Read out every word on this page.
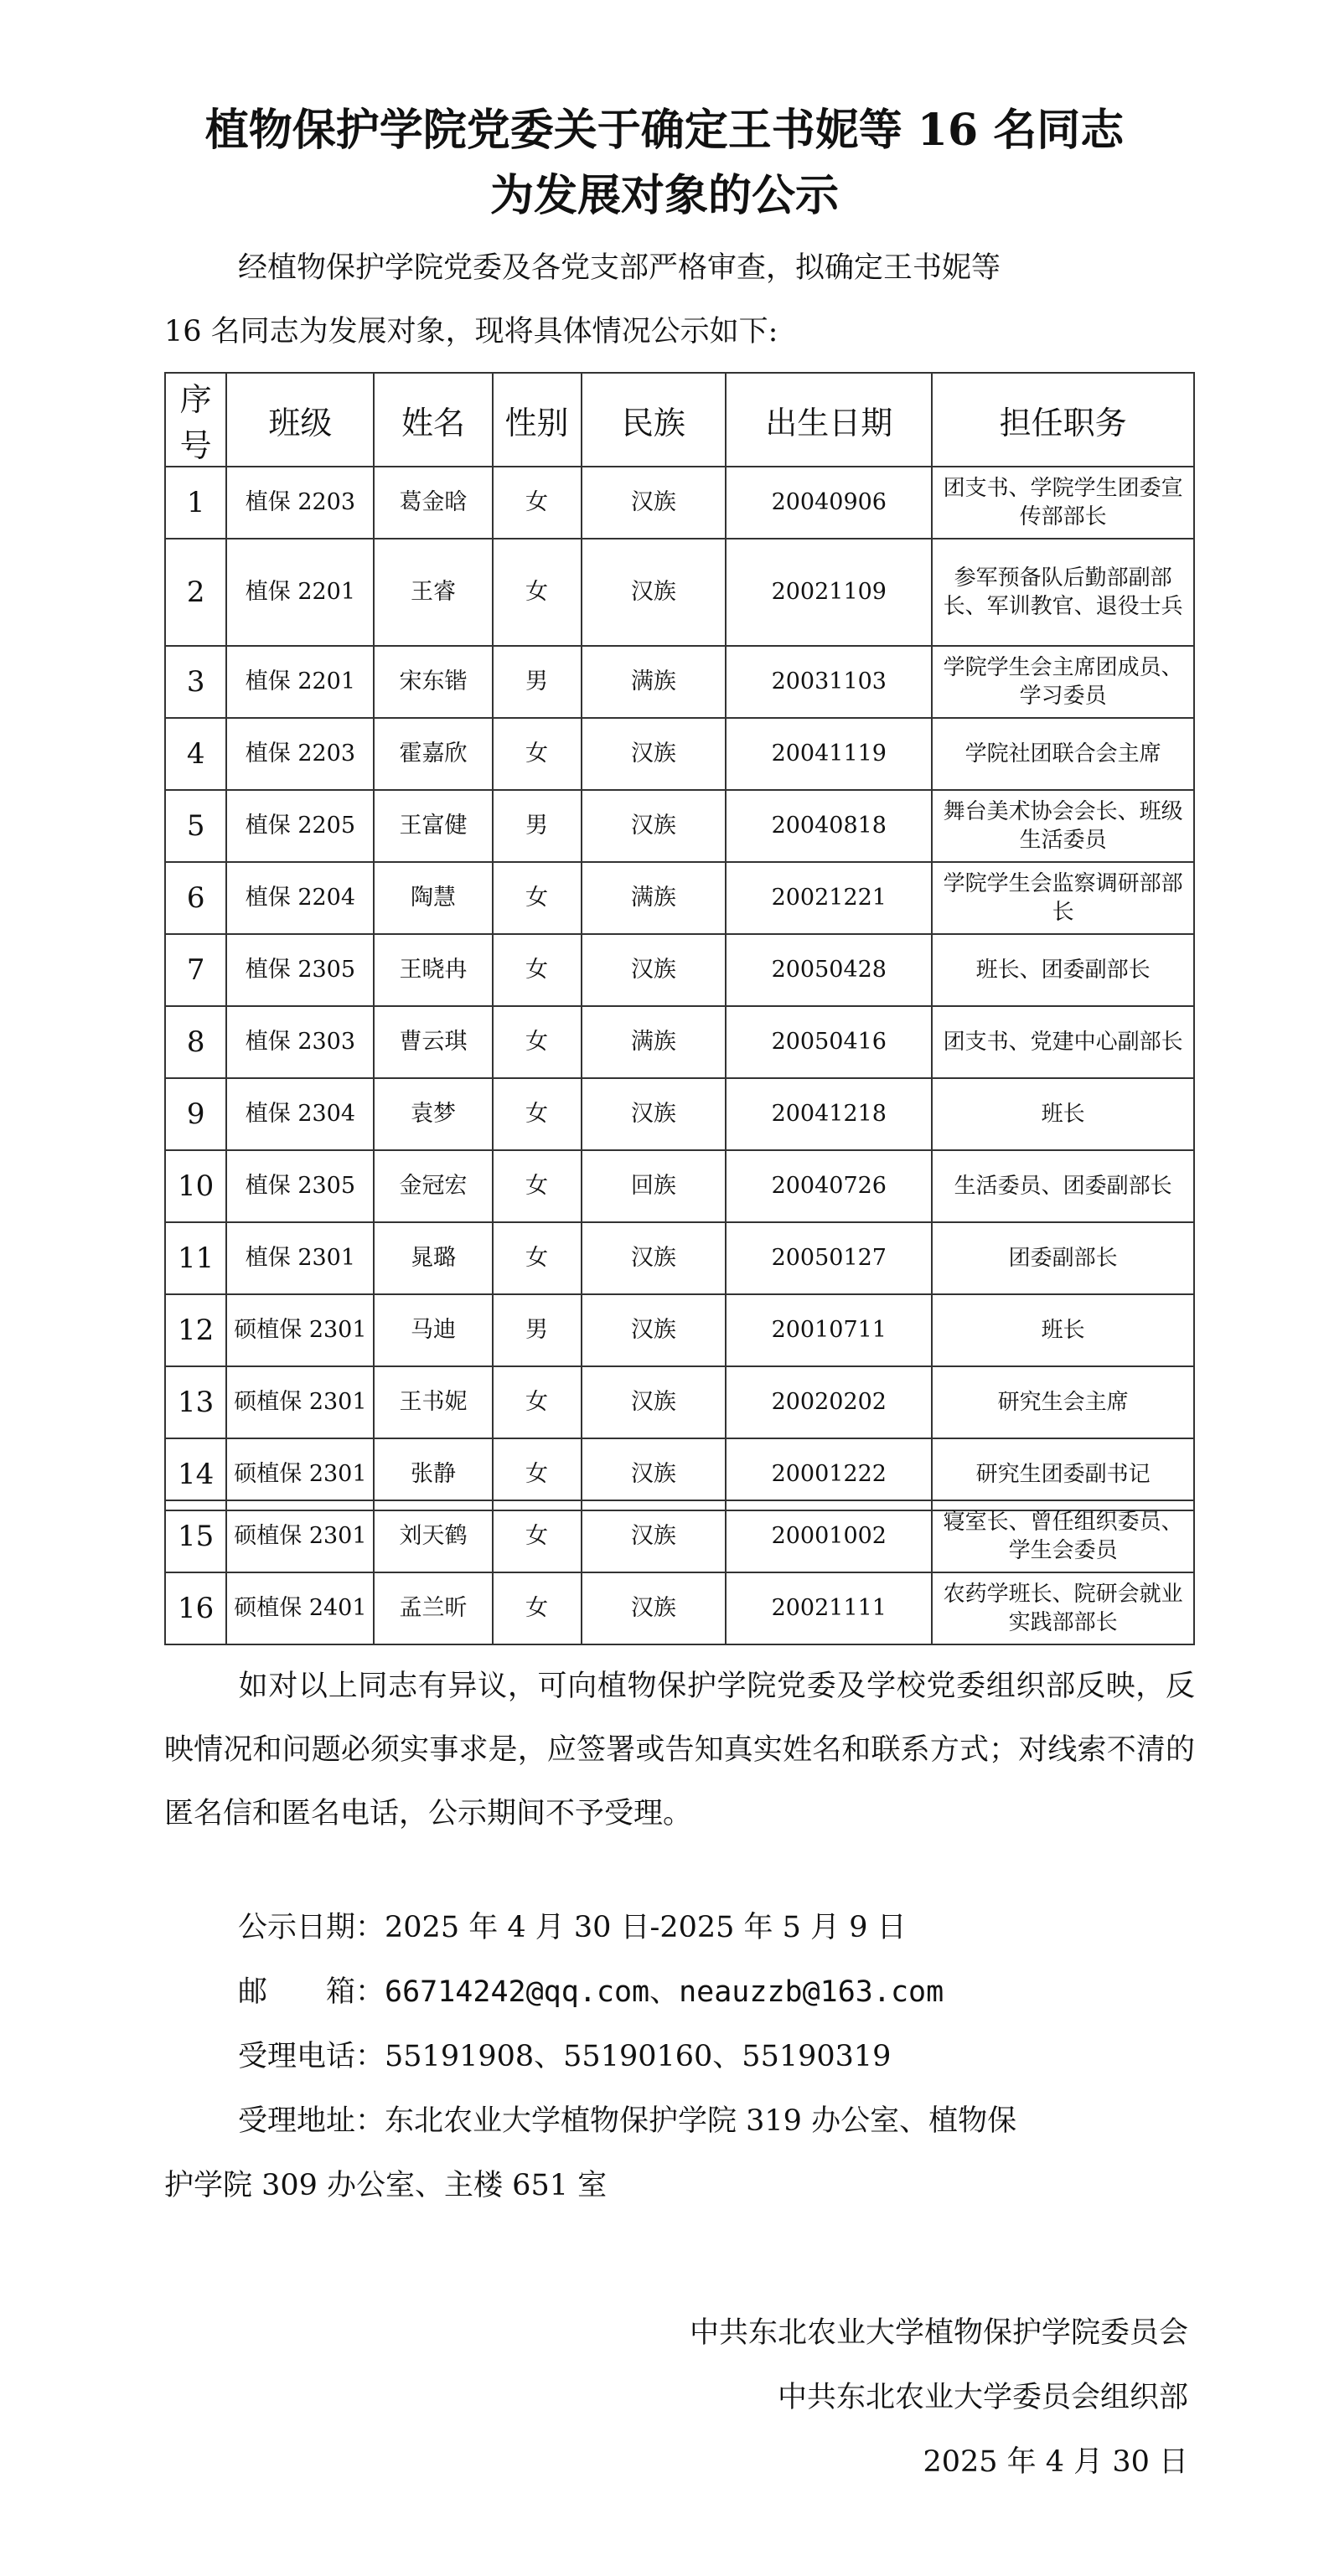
植物保护学院党委关于确定王书妮等 16 名同志
为发展对象的公示
经植物保护学院党委及各党支部严格审查，拟确定王书妮等
16 名同志为发展对象，现将具体情况公示如下:
序号	班级	姓名	性别	民族	出生日期	担任职务
1	植保 2203	葛金晗	女	汉族	20040906	团支书、学院学生团委宣传部部长
2	植保 2201	王睿	女	汉族	20021109	参军预备队后勤部副部长、军训教官、退役士兵
3	植保 2201	宋东锴	男	满族	20031103	学院学生会主席团成员、学习委员
4	植保 2203	霍嘉欣	女	汉族	20041119	学院社团联合会主席
5	植保 2205	王富健	男	汉族	20040818	舞台美术协会会长、班级生活委员
6	植保 2204	陶慧	女	满族	20021221	学院学生会监察调研部部长
7	植保 2305	王晓冉	女	汉族	20050428	班长、团委副部长
8	植保 2303	曹云琪	女	满族	20050416	团支书、党建中心副部长
9	植保 2304	袁梦	女	汉族	20041218	班长
10	植保 2305	金冠宏	女	回族	20040726	生活委员、团委副部长
11	植保 2301	晁璐	女	汉族	20050127	团委副部长
12	硕植保 2301	马迪	男	汉族	20010711	班长
13	硕植保 2301	王书妮	女	汉族	20020202	研究生会主席
14	硕植保 2301	张静	女	汉族	20001222	研究生团委副书记
15	硕植保 2301	刘天鹤	女	汉族	20001002	寝室长、曾任组织委员、学生会委员
16	硕植保 2401	孟兰昕	女	汉族	20021111	农药学班长、院研会就业实践部部长

如对以上同志有异议，可向植物保护学院党委及学校党委组织部反映，反映情况和问题必须实事求是，应签署或告知真实姓名和联系方式；对线索不清的匿名信和匿名电话，公示期间不予受理。

公示日期：2025 年 4 月 30 日-2025 年 5 月 9 日
邮　　箱：66714242@qq.com、neauzzb@163.com
受理电话：55191908、55190160、55190319
受理地址：东北农业大学植物保护学院 319 办公室、植物保
护学院 309 办公室、主楼 651 室
中共东北农业大学植物保护学院委员会
中共东北农业大学委员会组织部
2025 年 4 月 30 日
